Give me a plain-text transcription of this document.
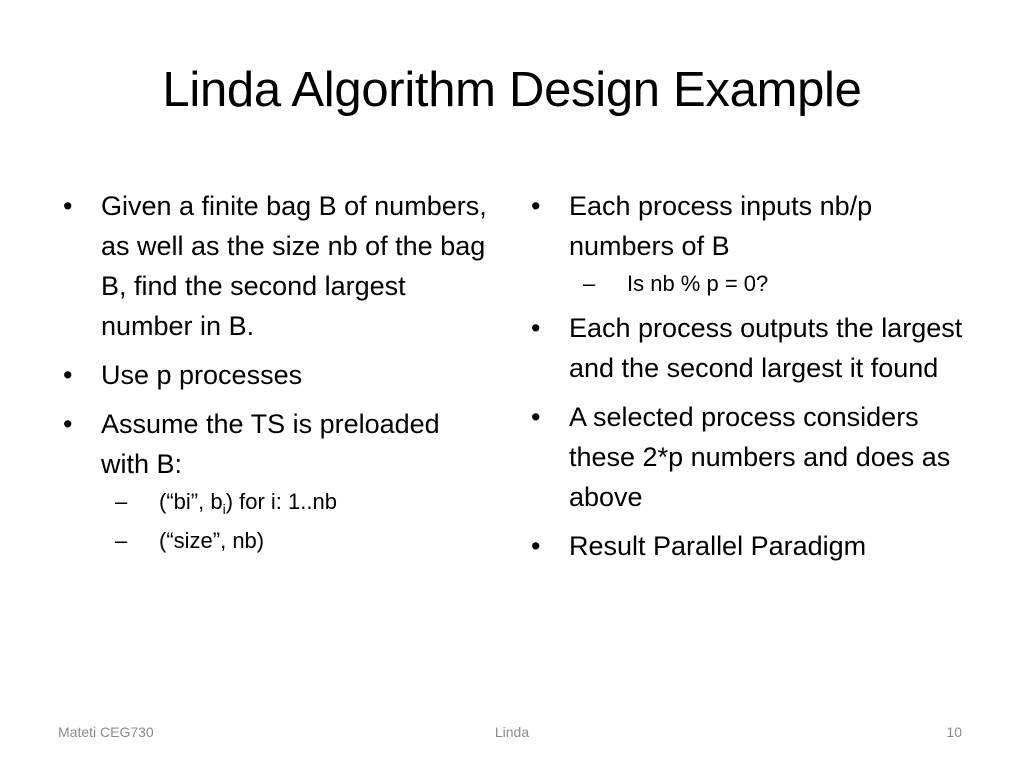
Linda Algorithm Design Example
• Given a finite bag B of numbers, as well as the size nb of the bag B, find the second largest number in B.
• Use p processes
• Assume the TS is preloaded with B:
– (“bi”, $b_i$) for i: 1..nb
– (“size”, nb)
• Each process inputs nb/p numbers of B
– Is nb % p = 0?
• Each process outputs the largest and the second largest it found
• A selected process considers these 2*p numbers and does as above
• Result Parallel Paradigm
Mateti CEG730	Linda	10
